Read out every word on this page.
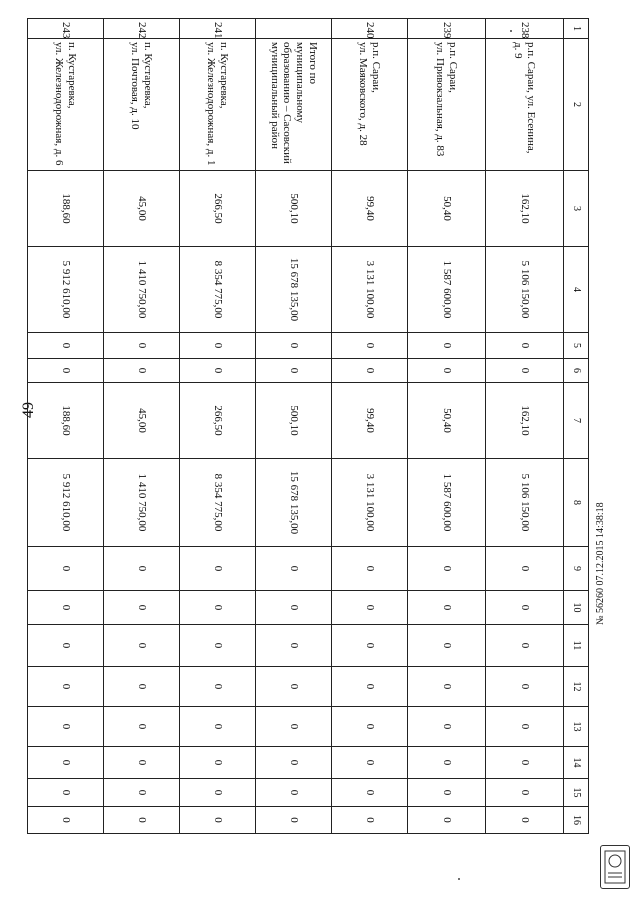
49
1	2	3	4	5	6	7	8	9	10	11	12	13	14	15	16
238	р.п. Сараи, ул. Есенина,
д. 9	162,10	5 106 150,00	0	0	162,10	5 106 150,00	0	0	0	0	0	0	0	0
239	р.п. Сараи,
ул. Привокзальная, д. 83	50,40	1 587 600,00	0	0	50,40	1 587 600,00	0	0	0	0	0	0	0	0
240	р.п. Сараи,
ул. Маяковского, д. 28	99,40	3 131 100,00	0	0	99,40	3 131 100,00	0	0	0	0	0	0	0	0
	Итого по муниципальному
образованию – Сасовский
муниципальный район	500,10	15 678 135,00	0	0	500,10	15 678 135,00	0	0	0	0	0	0	0	0
241	п. Кустаревка,
ул. Железнодорожная, д. 1	266,50	8 354 775,00	0	0	266,50	8 354 775,00	0	0	0	0	0	0	0	0
242	п. Кустаревка,
ул. Почтовая, д. 10	45,00	1 410 750,00	0	0	45,00	1 410 750,00	0	0	0	0	0	0	0	0
243	п. Кустаревка,
ул. Железнодорожная, д. 6	188,60	5 912 610,00	0	0	188,60	5 912 610,00	0	0	0	0	0	0	0	0
№ 56260 07.12.2015 14:38:18
